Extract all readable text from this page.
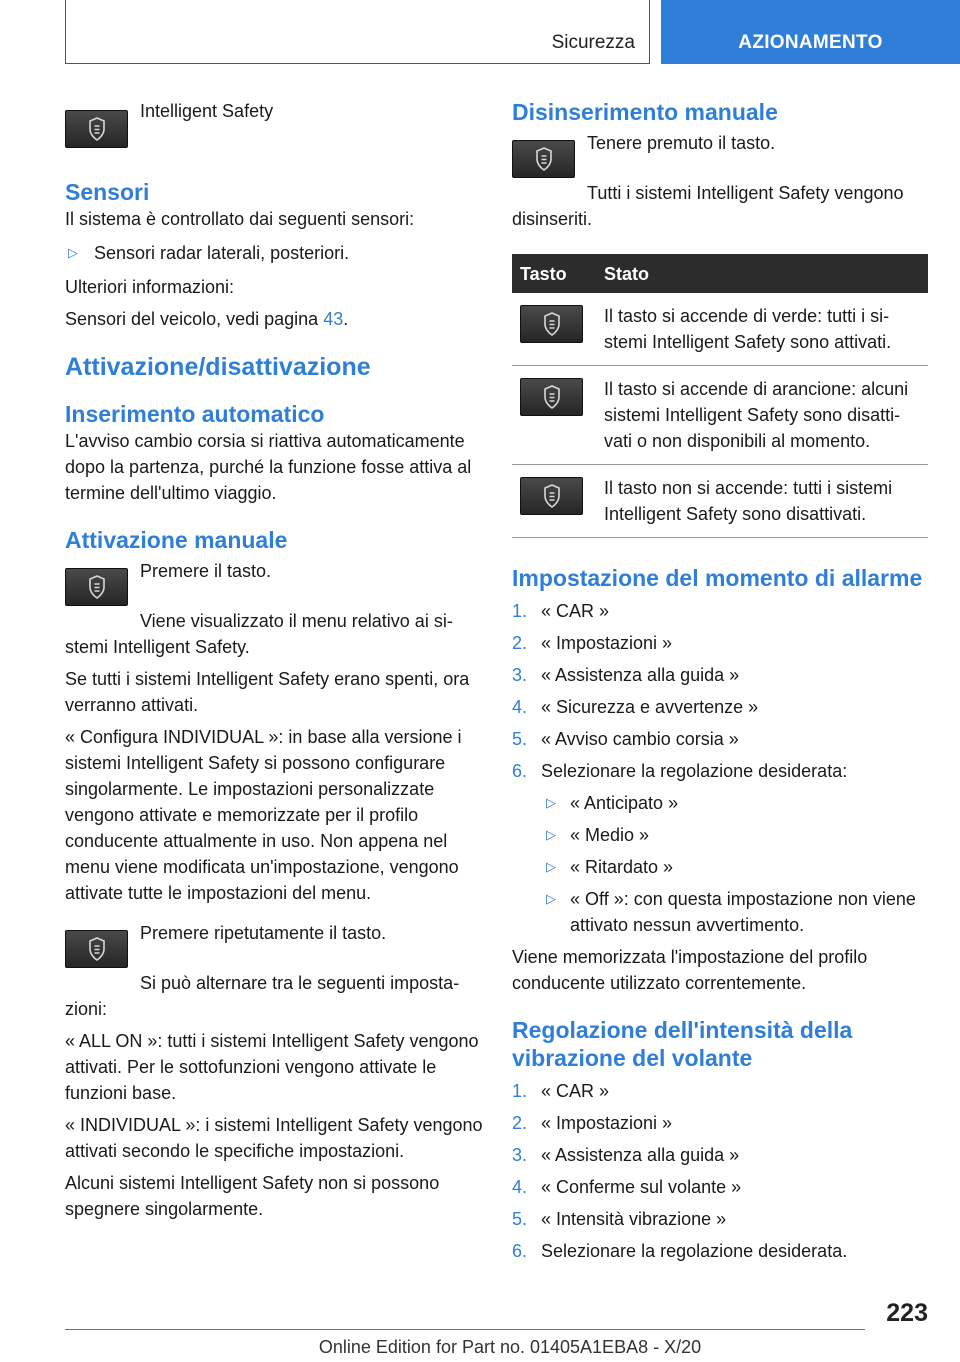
Sicurezza	AZIONAMENTO

Intelligent Safety

Sensori

Il sistema è controllato dai seguenti sensori:

▷ Sensori radar laterali, posteriori.

Ulteriori informazioni:

Sensori del veicolo, vedi pagina 43.

Attivazione/disattivazione
Inserimento automatico

L'avviso cambio corsia si riattiva automaticamente dopo la partenza, purché la funzione fosse attiva al termine dell'ultimo viaggio.

Attivazione manuale

Premere il tasto.

Viene visualizzato il menu relativo ai sistemi Intelligent Safety.

Se tutti i sistemi Intelligent Safety erano spenti, ora verranno attivati.

« Configura INDIVIDUAL »: in base alla versione i sistemi Intelligent Safety si possono configurare singolarmente. Le impostazioni personalizzate vengono attivate e memorizzate per il profilo conducente attualmente in uso. Non appena nel menu viene modificata un'impostazione, vengono attivate tutte le impostazioni del menu.

Premere ripetutamente il tasto.

Si può alternare tra le seguenti impostazioni:

« ALL ON »: tutti i sistemi Intelligent Safety vengono attivati. Per le sottofunzioni vengono attivate le funzioni base.

« INDIVIDUAL »: i sistemi Intelligent Safety vengono attivati secondo le specifiche impostazioni.

Alcuni sistemi Intelligent Safety non si possono spegnere singolarmente.

Disinserimento manuale

Tenere premuto il tasto.

Tutti i sistemi Intelligent Safety vengono disinseriti.

Tasto	Stato

	Il tasto si accende di verde: tutti i sistemi Intelligent Safety sono attivati.

	Il tasto si accende di arancione: alcuni sistemi Intelligent Safety sono disattivati o non disponibili al momento.

	Il tasto non si accende: tutti i sistemi Intelligent Safety sono disattivati.
Impostazione del momento di allarme
1. « CAR »
2. « Impostazioni »
3. « Assistenza alla guida »
4. « Sicurezza e avvertenze »
5. « Avviso cambio corsia »
6. Selezionare la regolazione desiderata:
▷ « Anticipato »
▷ « Medio »
▷ « Ritardato »
▷ « Off »: con questa impostazione non viene attivato nessun avvertimento.

Viene memorizzata l'impostazione del profilo conducente utilizzato correntemente.

Regolazione dell'intensità della vibrazione del volante
1. « CAR »
2. « Impostazioni »
3. « Assistenza alla guida »
4. « Conferme sul volante »
5. « Intensità vibrazione »
6. Selezionare la regolazione desiderata.
223
Online Edition for Part no. 01405A1EBA8 - X/20
